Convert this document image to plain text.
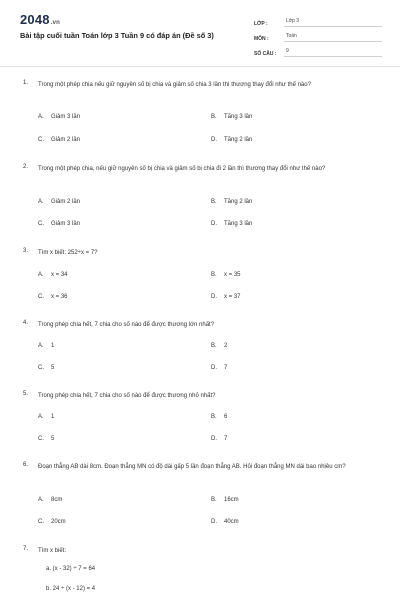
2048.vn
Bài tập cuối tuần Toán lớp 3 Tuần 9 có đáp án (Đề số 3)
LỚP :	Lớp 3
MÔN :	Toán
SỐ CÂU :	9
1. Trong một phép chia nếu giữ nguyên số bị chia và giảm số chia 3 lần thì thương thay đổi như thế nào?
A. Giảm 3 lần	B. Tăng 3 lần
C. Giảm 2 lần	D. Tăng 2 lần
2. Trong một phép chia, nếu giữ nguyên số bị chia và giảm số bị chia đi 2 lần thì thương thay đổi như thế nào?
A. Giảm 2 lần	B. Tăng 2 lần
C. Giảm 3 lần	D. Tăng 3 lần
3. Tìm x biết: 252÷x = 7?
A. x = 34	B. x = 35
C. x = 36	D. x = 37
4. Trong phép chia hết, 7 chia cho số nào để được thương lớn nhất?
A. 1	B. 2
C. 5	D. 7
5. Trong phép chia hết, 7 chia cho số nào để được thương nhỏ nhất?
A. 1	B. 6
C. 5	D. 7
6. Đoạn thẳng AB dài 8cm. Đoạn thẳng MN có độ dài gấp 5 lần đoạn thẳng AB. Hỏi đoạn thẳng MN dài bao nhiêu cm?
A. 8cm	B. 16cm
C. 20cm	D. 40cm
7. Tìm x biết:
a. (x - 32) ÷ 7 = 64
b. 24 ÷ (x - 12) = 4
